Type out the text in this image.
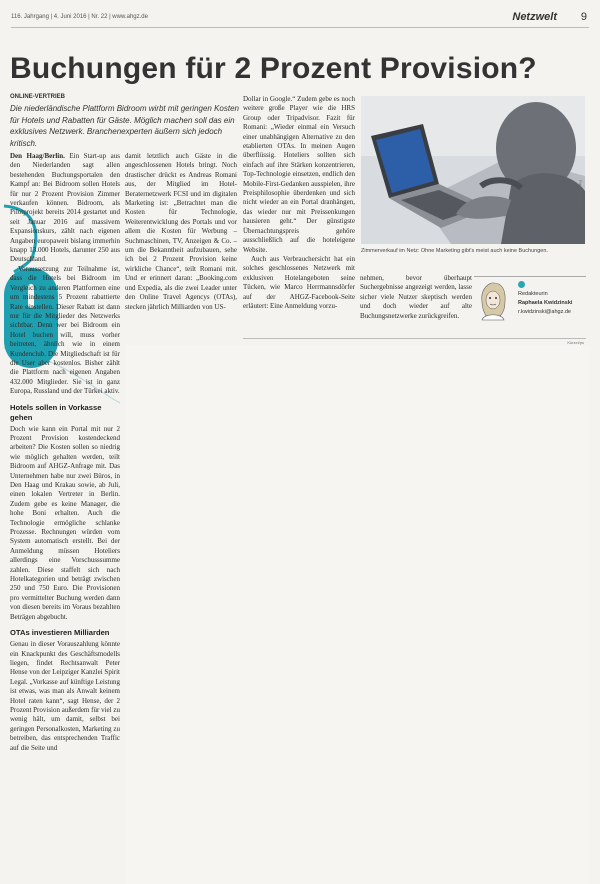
116. Jahrgang | 4. Juni 2016 | Nr. 22 | www.ahgz.de	Netzwelt 9
Buchungen für 2 Prozent Provision?
ONLINE-VERTRIEB
Die niederländische Plattform Bidroom wirbt mit geringen Kosten für Hotels und Rabatten für Gäste. Möglich machen soll das ein exklusives Netzwerk. Branchenexperten äußern sich jedoch kritisch.

Den Haag/Berlin. Ein Start-up aus den Niederlanden sagt allen bestehenden Buchungsportalen den Kampf an: Bei Bidroom sollen Hotels für nur 2 Prozent Provision Zimmer verkaufen können. Bidroom, als Pilotprojekt bereits 2014 gestartet und seit Januar 2016 auf massivem Expansionskurs, zählt nach eigenen Angaben europaweit bislang immerhin knapp 13.000 Hotels, darunter 250 aus Deutschland.

Voraussetzung zur Teilnahme ist, dass die Hotels bei Bidroom im Vergleich zu anderen Plattformen eine um mindestens 5 Prozent rabattierte Rate einstellen. Dieser Rabatt ist dann nur für die Mitglieder des Netzwerks sichtbar. Denn wer bei Bidroom ein Hotel buchen will, muss vorher beitreten, ähnlich wie in einem Kundenclub. Die Mitgliedschaft ist für die User aber kostenlos. Bisher zählt die Plattform nach eigenen Angaben 432.000 Mitglieder. Sie ist in ganz Europa, Russland und der Türkei aktiv.

Hotels sollen in Vorkasse gehen

Doch wie kann ein Portal mit nur 2 Prozent Provision kostendeckend arbeiten? Die Kosten sollen so niedrig wie möglich gehalten werden, teilt Bidroom auf AHGZ-Anfrage mit. Das Unternehmen habe nur zwei Büros, in Den Haag und Krakau sowie, ab Juli, einen lokalen Vertreter in Berlin. Zudem gebe es keine Manager, die hohe Boni erhalten. Auch die Technologie ermögliche schlanke Prozesse. Rechnungen würden vom System automatisch erstellt. Bei der Anmeldung müssen Hoteliers allerdings eine Vorschusssumme zahlen. Diese staffelt sich nach Hotelkategorien und beträgt zwischen 250 und 750 Euro. Die Provisionen pro vermittelter Buchung werden dann von diesen bereits im Voraus bezahlten Beträgen abgebucht.

OTAs investieren Milliarden

Genau in dieser Vorauszahlung könnte ein Knackpunkt des Geschäftsmodells liegen, findet Rechtsanwalt Peter Hense von der Leipziger Kanzlei Spirit Legal. „Vorkasse auf künftige Leistung ist etwas, was man als Anwalt keinem Hotel raten kann“, sagt Hense, der 2 Prozent Provision außerdem für viel zu wenig hält, um damit, selbst bei geringen Personalkosten, Marketing zu betreiben, das entsprechenden Traffic auf die Seite und

damit letztlich auch Gäste in die angeschlossenen Hotels bringt. Noch drastischer drückt es Andreas Romani aus, der Mitglied im Hotel-Beraternetzwerk FCSI und im digitalen Marketing ist: „Betrachtet man die Kosten für Technologie, Weiterentwicklung des Portals und vor allem die Kosten für Werbung – Suchmaschinen, TV, Anzeigen & Co. – um die Bekanntheit aufzubauen, sehe ich bei 2 Prozent Provision keine wirkliche Chance“, teilt Romani mit. Und er erinnert daran: „Booking.com und Expedia, als die zwei Leader unter den Online Travel Agencys (OTAs), stecken jährlich Milliarden von US-

Dollar in Google.“ Zudem gebe es noch weitere große Player wie die HRS Group oder Tripadvisor. Fazit für Romani: „Wieder einmal ein Versuch einer unabhängigen Alternative zu den etablierten OTAs. In meinen Augen überflüssig. Hoteliers sollten sich einfach auf ihre Stärken konzentrieren, Top-Technologie einsetzen, endlich den Mobile-First-Gedanken ausspielen, ihre Preisphilosophie überdenken und sich nicht wieder an ein Portal dranhängen, das wieder nur mit Preissenkungen hausieren geht.“ Der günstigste Übernachtungspreis gehöre ausschließlich auf die hoteleigene Website.

Auch aus Verbrauchersicht hat ein solches geschlossenes Netzwerk mit exklusiven Hotelangeboten seine Tücken, wie Marco Herrmannsdörfer auf der AHGZ-Facebook-Seite erläutert: Eine Anmeldung vorzu-

Foto: Colourbox.de
Zimmerverkauf im Netz: Ohne Marketing gibt's meist auch keine Buchungen.

nehmen, bevor überhaupt Suchergebnisse angezeigt werden, lasse sicher viele Nutzer skeptisch werden und doch wieder auf alte Buchungsnetzwerke zurückgreifen.

Redakteurin
Raphaela Kwidzinski
r.kwidzinski@ahgz.de
Kürzel/ps
